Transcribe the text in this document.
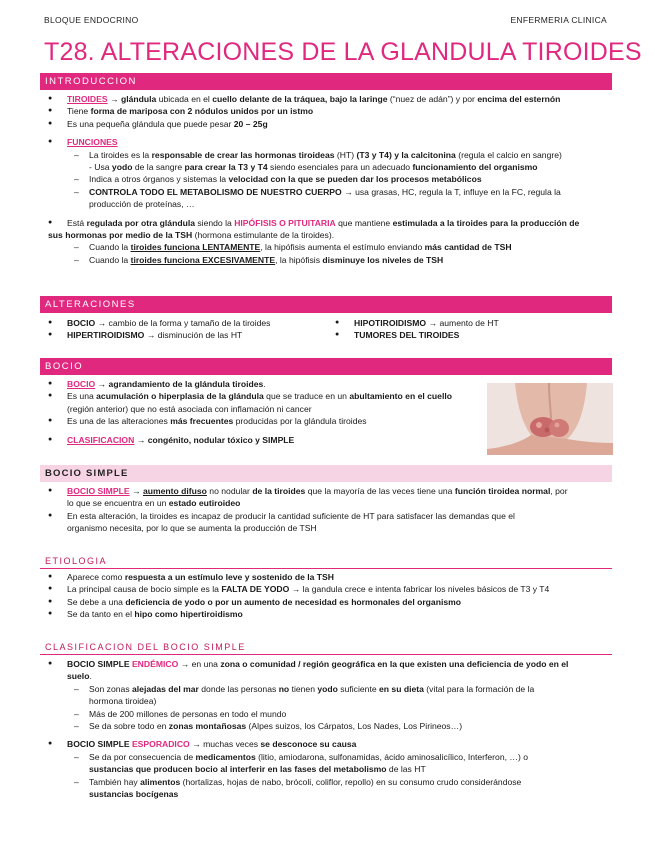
BLOQUE ENDOCRINO	ENFERMERIA CLINICA
T28. ALTERACIONES DE LA GLANDULA TIROIDES
INTRODUCCION
● TIROIDES → glándula ubicada en el cuello delante de la tráquea, bajo la laringe (“nuez de adán”) y por encima del esternón
● Tiene forma de mariposa con 2 nódulos unidos por un istmo
● Es una pequeña glándula que puede pesar 20 – 25g
● FUNCIONES
– La tiroides es la responsable de crear las hormonas tiroideas (HT) (T3 y T4) y la calcitonina (regula el calcio en sangre)
- Usa yodo de la sangre para crear la T3 y T4 siendo esenciales para un adecuado funcionamiento del organismo
– Indica a otros órganos y sistemas la velocidad con la que se pueden dar los procesos metabólicos
– CONTROLA TODO EL METABOLISMO DE NUESTRO CUERPO → usa grasas, HC, regula la T, influye en la FC, regula la
producción de proteínas, …
● Está regulada por otra glándula siendo la HIPÓFISIS O PITUITARIA que mantiene estimulada a la tiroides para la producción de
sus hormonas por medio de la TSH (hormona estimulante de la tiroides).
– Cuando la tiroides funciona LENTAMENTE, la hipófisis aumenta el estímulo enviando más cantidad de TSH
– Cuando la tiroides funciona EXCESIVAMENTE, la hipófisis disminuye los niveles de TSH
ALTERACIONES
● BOCIO → cambio de la forma y tamaño de la tiroides
● HIPERTIROIDISMO → disminución de las HT
● HIPOTIROIDISMO → aumento de HT
● TUMORES DEL TIROIDES
BOCIO
● BOCIO → agrandamiento de la glándula tiroides.
● Es una acumulación o hiperplasia de la glándula que se traduce en un abultamiento en el cuello
(región anterior) que no está asociada con inflamación ni cancer
● Es una de las alteraciones más frecuentes producidas por la glándula tiroides
● CLASIFICACION → congénito, nodular tóxico y SIMPLE
BOCIO SIMPLE
● BOCIO SIMPLE → aumento difuso no nodular de la tiroides que la mayoría de las veces tiene una función tiroidea normal, por
lo que se encuentra en un estado eutiroideo
● En esta alteración, la tiroides es incapaz de producir la cantidad suficiente de HT para satisfacer las demandas que el
organismo necesita, por lo que se aumenta la producción de TSH
ETIOLOGIA
● Aparece como respuesta a un estímulo leve y sostenido de la TSH
● La principal causa de bocio simple es la FALTA DE YODO → la gandula crece e intenta fabricar los niveles básicos de T3 y T4
● Se debe a una deficiencia de yodo o por un aumento de necesidad es hormonales del organismo
● Se da tanto en el hipo como hipertiroidismo
CLASIFICACION DEL BOCIO SIMPLE
● BOCIO SIMPLE ENDÉMICO → en una zona o comunidad / región geográfica en la que existen una deficiencia de yodo en el
suelo.
– Son zonas alejadas del mar donde las personas no tienen yodo suficiente en su dieta (vital para la formación de la
hormona tiroidea)
– Más de 200 millones de personas en todo el mundo
– Se da sobre todo en zonas montañosas (Alpes suizos, los Cárpatos, Los Nades, Los Pirineos…)
● BOCIO SIMPLE ESPORADICO → muchas veces se desconoce su causa
– Se da por consecuencia de medicamentos (litio, amiodarona, sulfonamidas, ácido aminosalicílico, Interferon, …) o
sustancias que producen bocio al interferir en las fases del metabolismo de las HT
– También hay alimentos (hortalizas, hojas de nabo, brócoli, coliflor, repollo) en su consumo crudo considerándose
sustancias bocígenas
